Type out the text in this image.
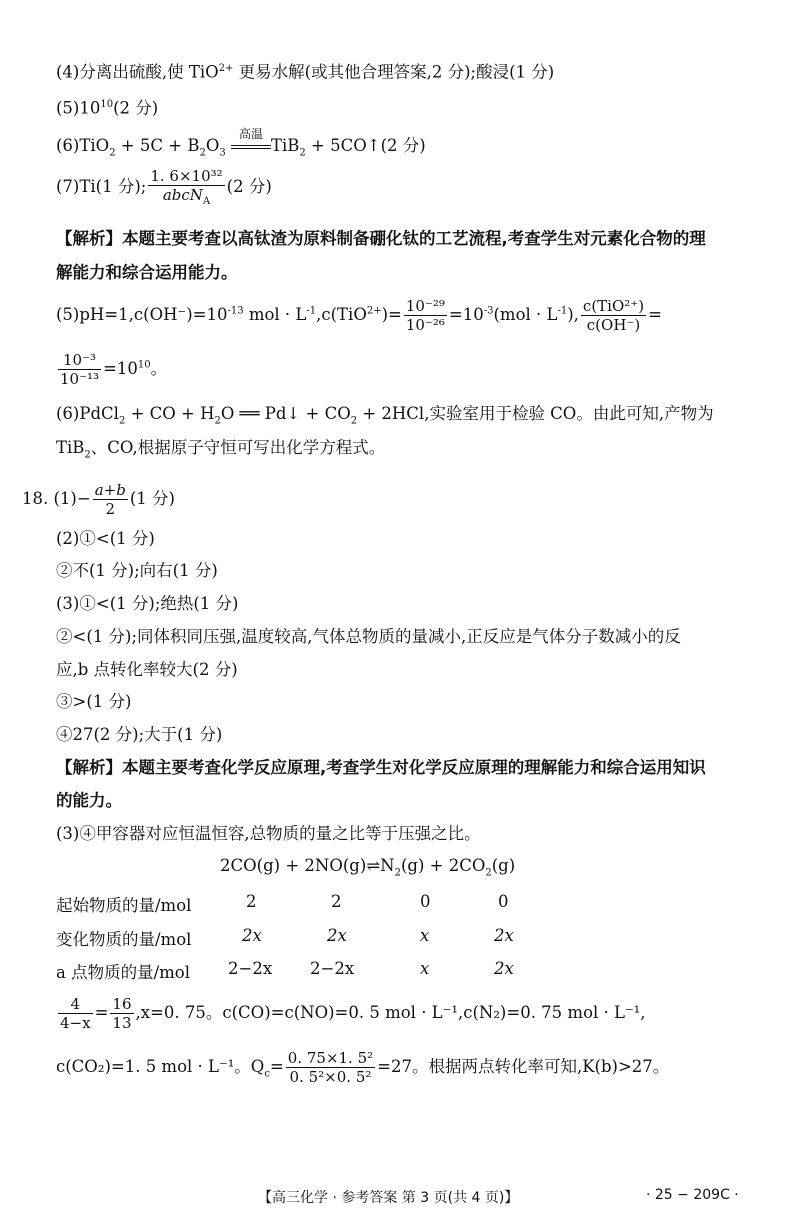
(4)分离出硫酸,使 TiO$^{2+}$ 更易水解(或其他合理答案,2 分);酸浸(1 分)
$(5)10^{10}(2$ 分)
$(6)TiO_2 + 5C + B_2O_3$
高温
TiB$_2$ + 5CO↑(2 分)
(7)Ti(1 分); $\frac{\text{1. 6×10³²}}{abcN_A} (2$ 分)
【解析】本题主要考查以高钛渣为原料制备硼化钛的工艺流程,考查学生对元素化合物的理
解能力和综合运用能力。
$(5)pH=1,c(OH^-)=10^{-13}$ mol · $L^{-1},c(TiO^{2+})= \frac{\text{10⁻²⁹}}{\text{10⁻²⁶}} =10^{-3}(mol \cdot L^{-1})$, $\frac{\text{c(TiO²⁺)}}{c(OH^-)}$ =
$\frac{\text{10⁻³}}{\text{10⁻¹³}} =10^{10}$。
(6)PdCl$_2$ + CO + $H_2O$ ══ Pd↓ + $CO_2 + 2HCl$,实验室用于检验 CO。由此可知,产物为
TiB$_2$、CO,根据原子守恒可写出化学方程式。
18. $(1)- \frac{a+b}{2} (1$ 分)
(2)①<(1 分)
②不(1 分);向右(1 分)
(3)①<(1 分);绝热(1 分)
②<(1 分);同体积同压强,温度较高,气体总物质的量减小,正反应是气体分子数减小的反
应,b 点转化率较大(2 分)
③>(1 分)
④27(2 分);大于(1 分)
【解析】本题主要考查化学反应原理,考查学生对化学反应原理的理解能力和综合运用知识
的能力。
(3)④甲容器对应恒温恒容,总物质的量之比等于压强之比。
$2CO(g) + 2NO(g)\rightleftharpoons N_2(g) + 2CO_2(g)$
起始物质的量/mol	2	2	0	0
变化物质的量/mol	2x	2x	x	2x
a 点物质的量/mol 2−2x 2−2x	x	2x
$\frac{4}{4-x} = \frac{16}{13} ,x=0$. 75。c(CO)=c(NO)=0. 5 mol · L⁻¹,c(N₂)=0. 75 mol · L⁻¹,
c(CO₂)=1. 5 mol · L⁻¹。$Q_c= \frac{\text{0. 75×1. 5²}}{\text{0. 5²×0. 5²}} =27$。根据两点转化率可知,K(b)>27。
【高三化学 · 参考答案 第 3 页(共 4 页)】	· 25 − 209C ·
